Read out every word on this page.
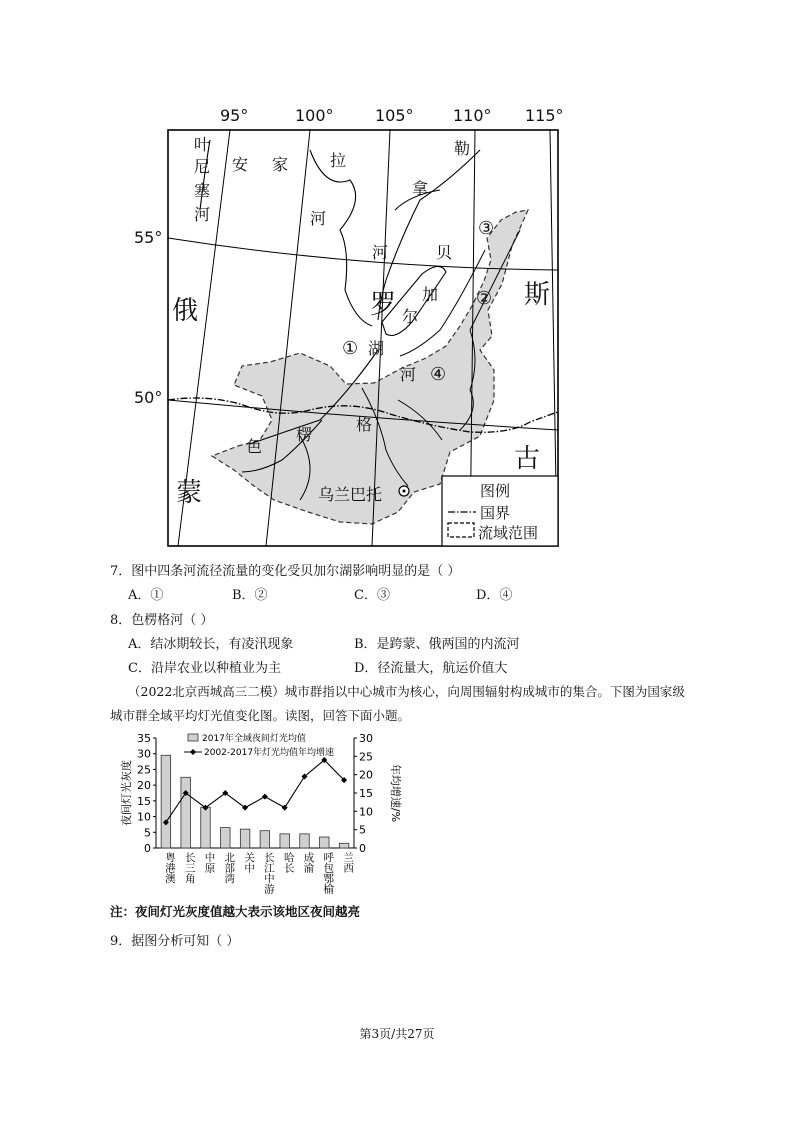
95°	100°	105° 110° 115°
55°
50°
叶
尼
塞
河
安 家	拉
河
勒
拿
河	贝
加
尔
湖
色
楞
格
河
俄	罗	斯
蒙
古
乌兰巴托
①
②
③
④
图例
国界
流域范围
7．图中四条河流径流量的变化受贝加尔湖影响明显的是（ ）
A．①	B．②	C．③	D．④
8．色楞格河（ ）
A．结冰期较长，有凌汛现象	B．是跨蒙、俄两国的内流河
C．沿岸农业以种植业为主	D．径流量大，航运价值大
（2022北京西城高三二模）城市群指以中心城市为核心，向周围辐射构成城市的集合。下图为国家级
城市群全域平均灯光值变化图。读图，回答下面小题。
0
5
10
15
20
25
30
35
0
5
10
15
20
25
30
夜间灯光灰度	年均增速/%
粤港澳 长三角 中原 北部湾 关中 长江中游 哈长 成渝 呼包鄂榆 兰西
2017年全域夜间灯光均值
2002-2017年灯光均值年均增速
注：夜间灯光灰度值越大表示该地区夜间越亮
9．据图分析可知（ ）
第3页/共27页
